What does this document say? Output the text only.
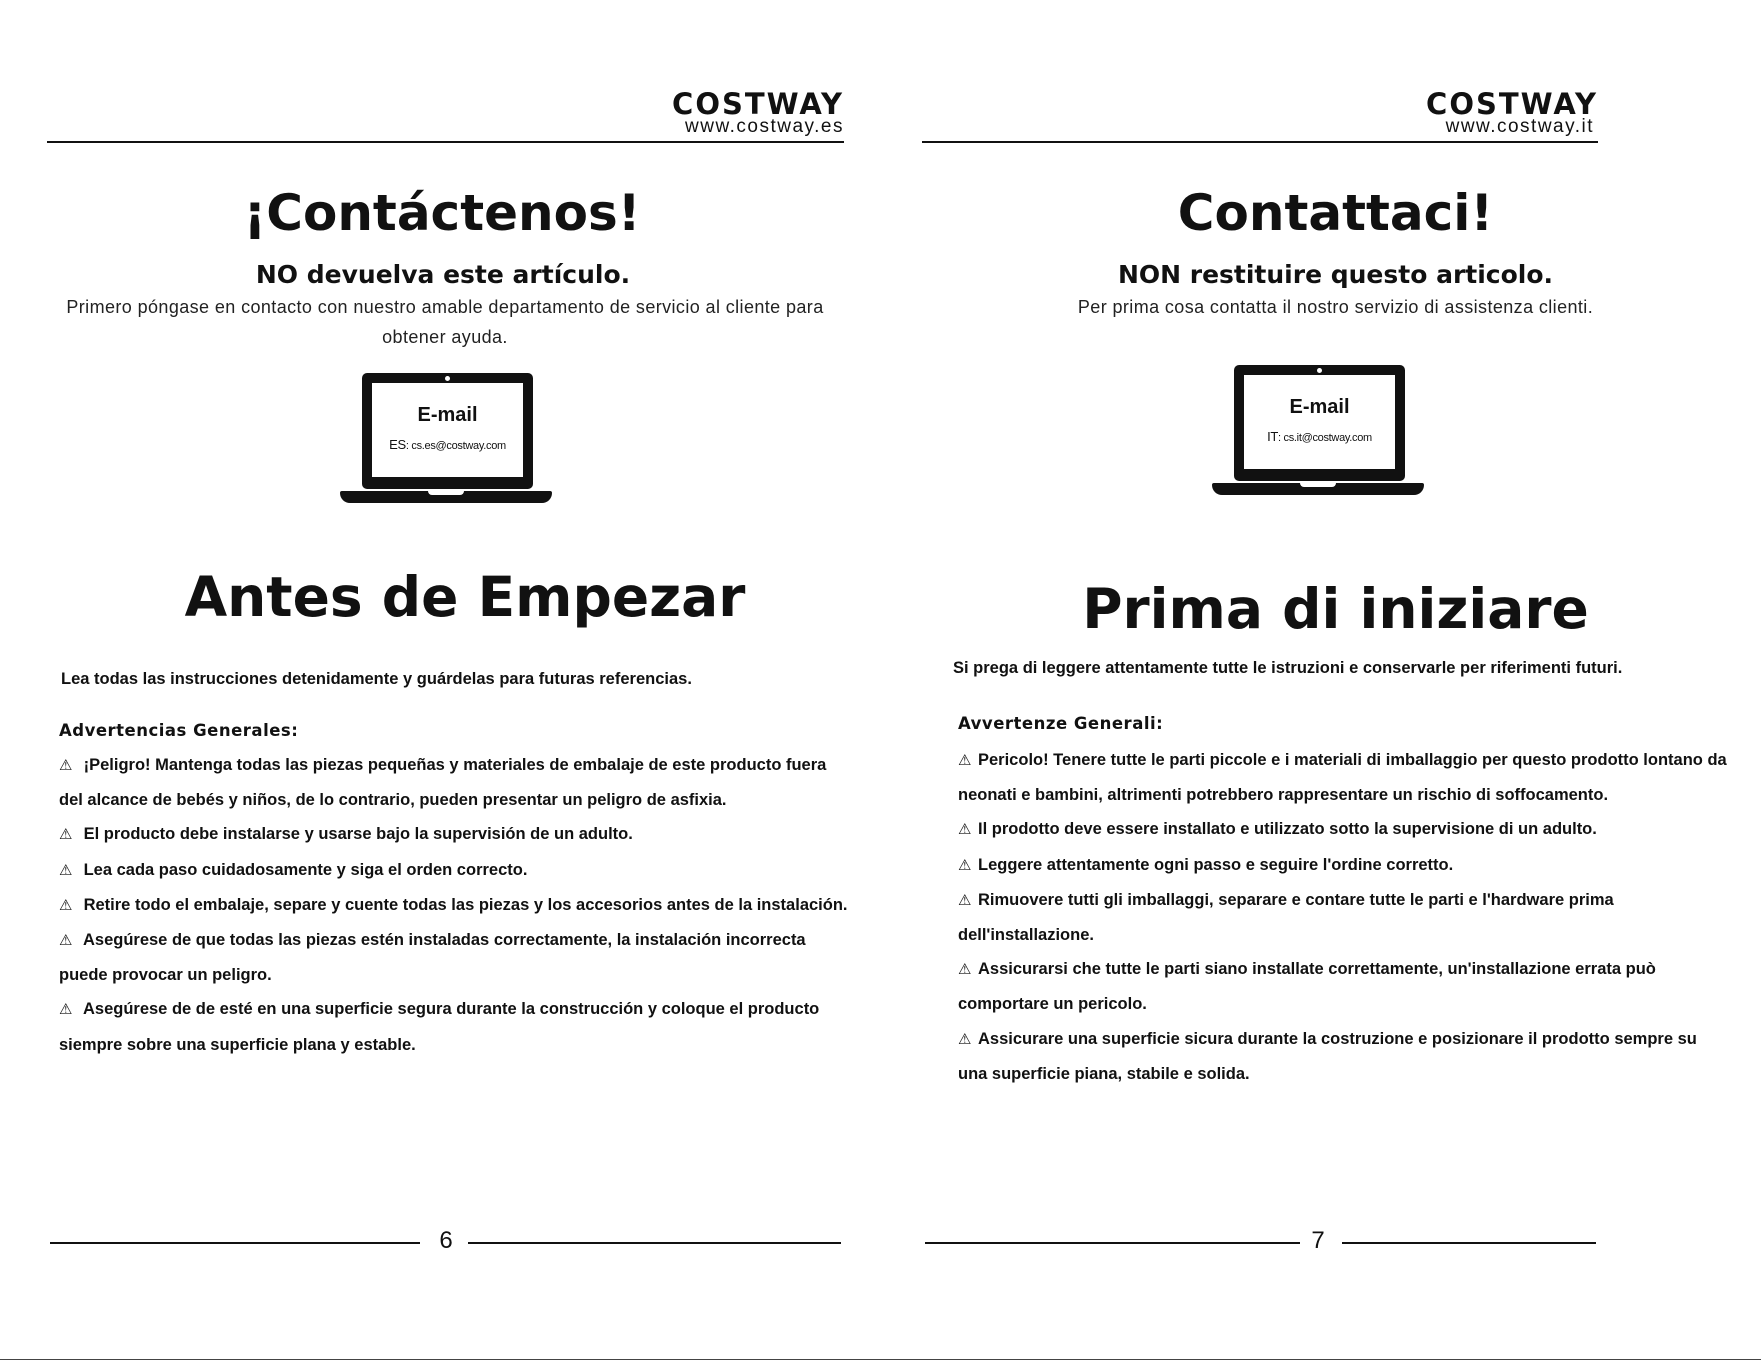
COSTWAY
www.costway.es
¡Contáctenos!
NO devuelva este artículo.
Primero póngase en contacto con nuestro amable departamento de servicio al cliente para obtener ayuda.
E-mail
ES: cs.es@costway.com
Antes de Empezar
Lea todas las instrucciones detenidamente y guárdelas para futuras referencias.
Advertencias Generales:
⚠ ¡Peligro! Mantenga todas las piezas pequeñas y materiales de embalaje de este producto fuera del alcance de bebés y niños, de lo contrario, pueden presentar un peligro de asfixia.
⚠ El producto debe instalarse y usarse bajo la supervisión de un adulto.
⚠ Lea cada paso cuidadosamente y siga el orden correcto.
⚠ Retire todo el embalaje, separe y cuente todas las piezas y los accesorios antes de la instalación.
⚠ Asegúrese de que todas las piezas estén instaladas correctamente, la instalación incorrecta puede provocar un peligro.
⚠ Asegúrese de de esté en una superficie segura durante la construcción y coloque el producto siempre sobre una superficie plana y estable.
6
COSTWAY
www.costway.it
Contattaci!
NON restituire questo articolo.
Per prima cosa contatta il nostro servizio di assistenza clienti.
E-mail
IT: cs.it@costway.com
Prima di iniziare
Si prega di leggere attentamente tutte le istruzioni e conservarle per riferimenti futuri.
Avvertenze Generali:
⚠ Pericolo! Tenere tutte le parti piccole e i materiali di imballaggio per questo prodotto lontano da neonati e bambini, altrimenti potrebbero rappresentare un rischio di soffocamento.
⚠ Il prodotto deve essere installato e utilizzato sotto la supervisione di un adulto.
⚠ Leggere attentamente ogni passo e seguire l'ordine corretto.
⚠ Rimuovere tutti gli imballaggi, separare e contare tutte le parti e l'hardware prima dell'installazione.
⚠ Assicurarsi che tutte le parti siano installate correttamente, un'installazione errata può comportare un pericolo.
⚠ Assicurare una superficie sicura durante la costruzione e posizionare il prodotto sempre su una superficie piana, stabile e solida.
7
